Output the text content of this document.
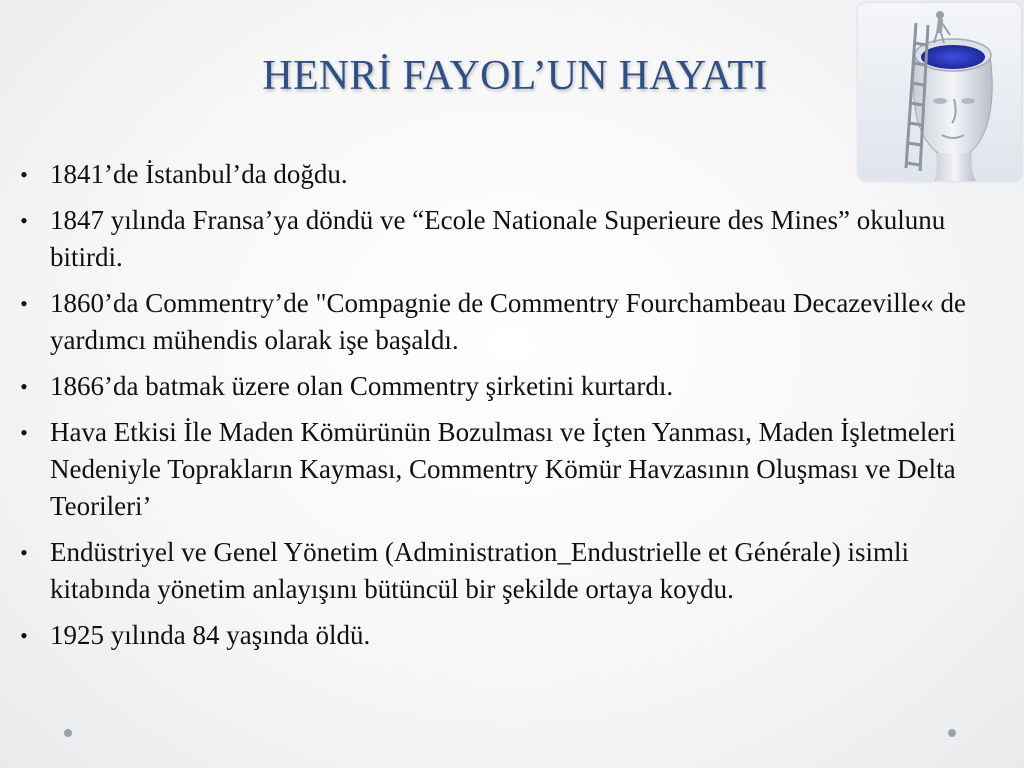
HENRİ FAYOL’UN HAYATI
• 1841’de İstanbul’da doğdu.
• 1847 yılında Fransa’ya döndü ve “Ecole Nationale Superieure des Mines” okulunu bitirdi.
• 1860’da Commentry’de "Compagnie de Commentry Fourchambeau Decazeville« de yardımcı mühendis olarak işe başaldı.
• 1866’da batmak üzere olan Commentry şirketini kurtardı.
• Hava Etkisi İle Maden Kömürünün Bozulması ve İçten Yanması, Maden İşletmeleri Nedeniyle Toprakların Kayması, Commentry Kömür Havzasının Oluşması ve Delta Teorileri’
• Endüstriyel ve Genel Yönetim (Administration_Endustrielle et Générale) isimli kitabında yönetim anlayışını bütüncül bir şekilde ortaya koydu.
• 1925 yılında 84 yaşında öldü.
